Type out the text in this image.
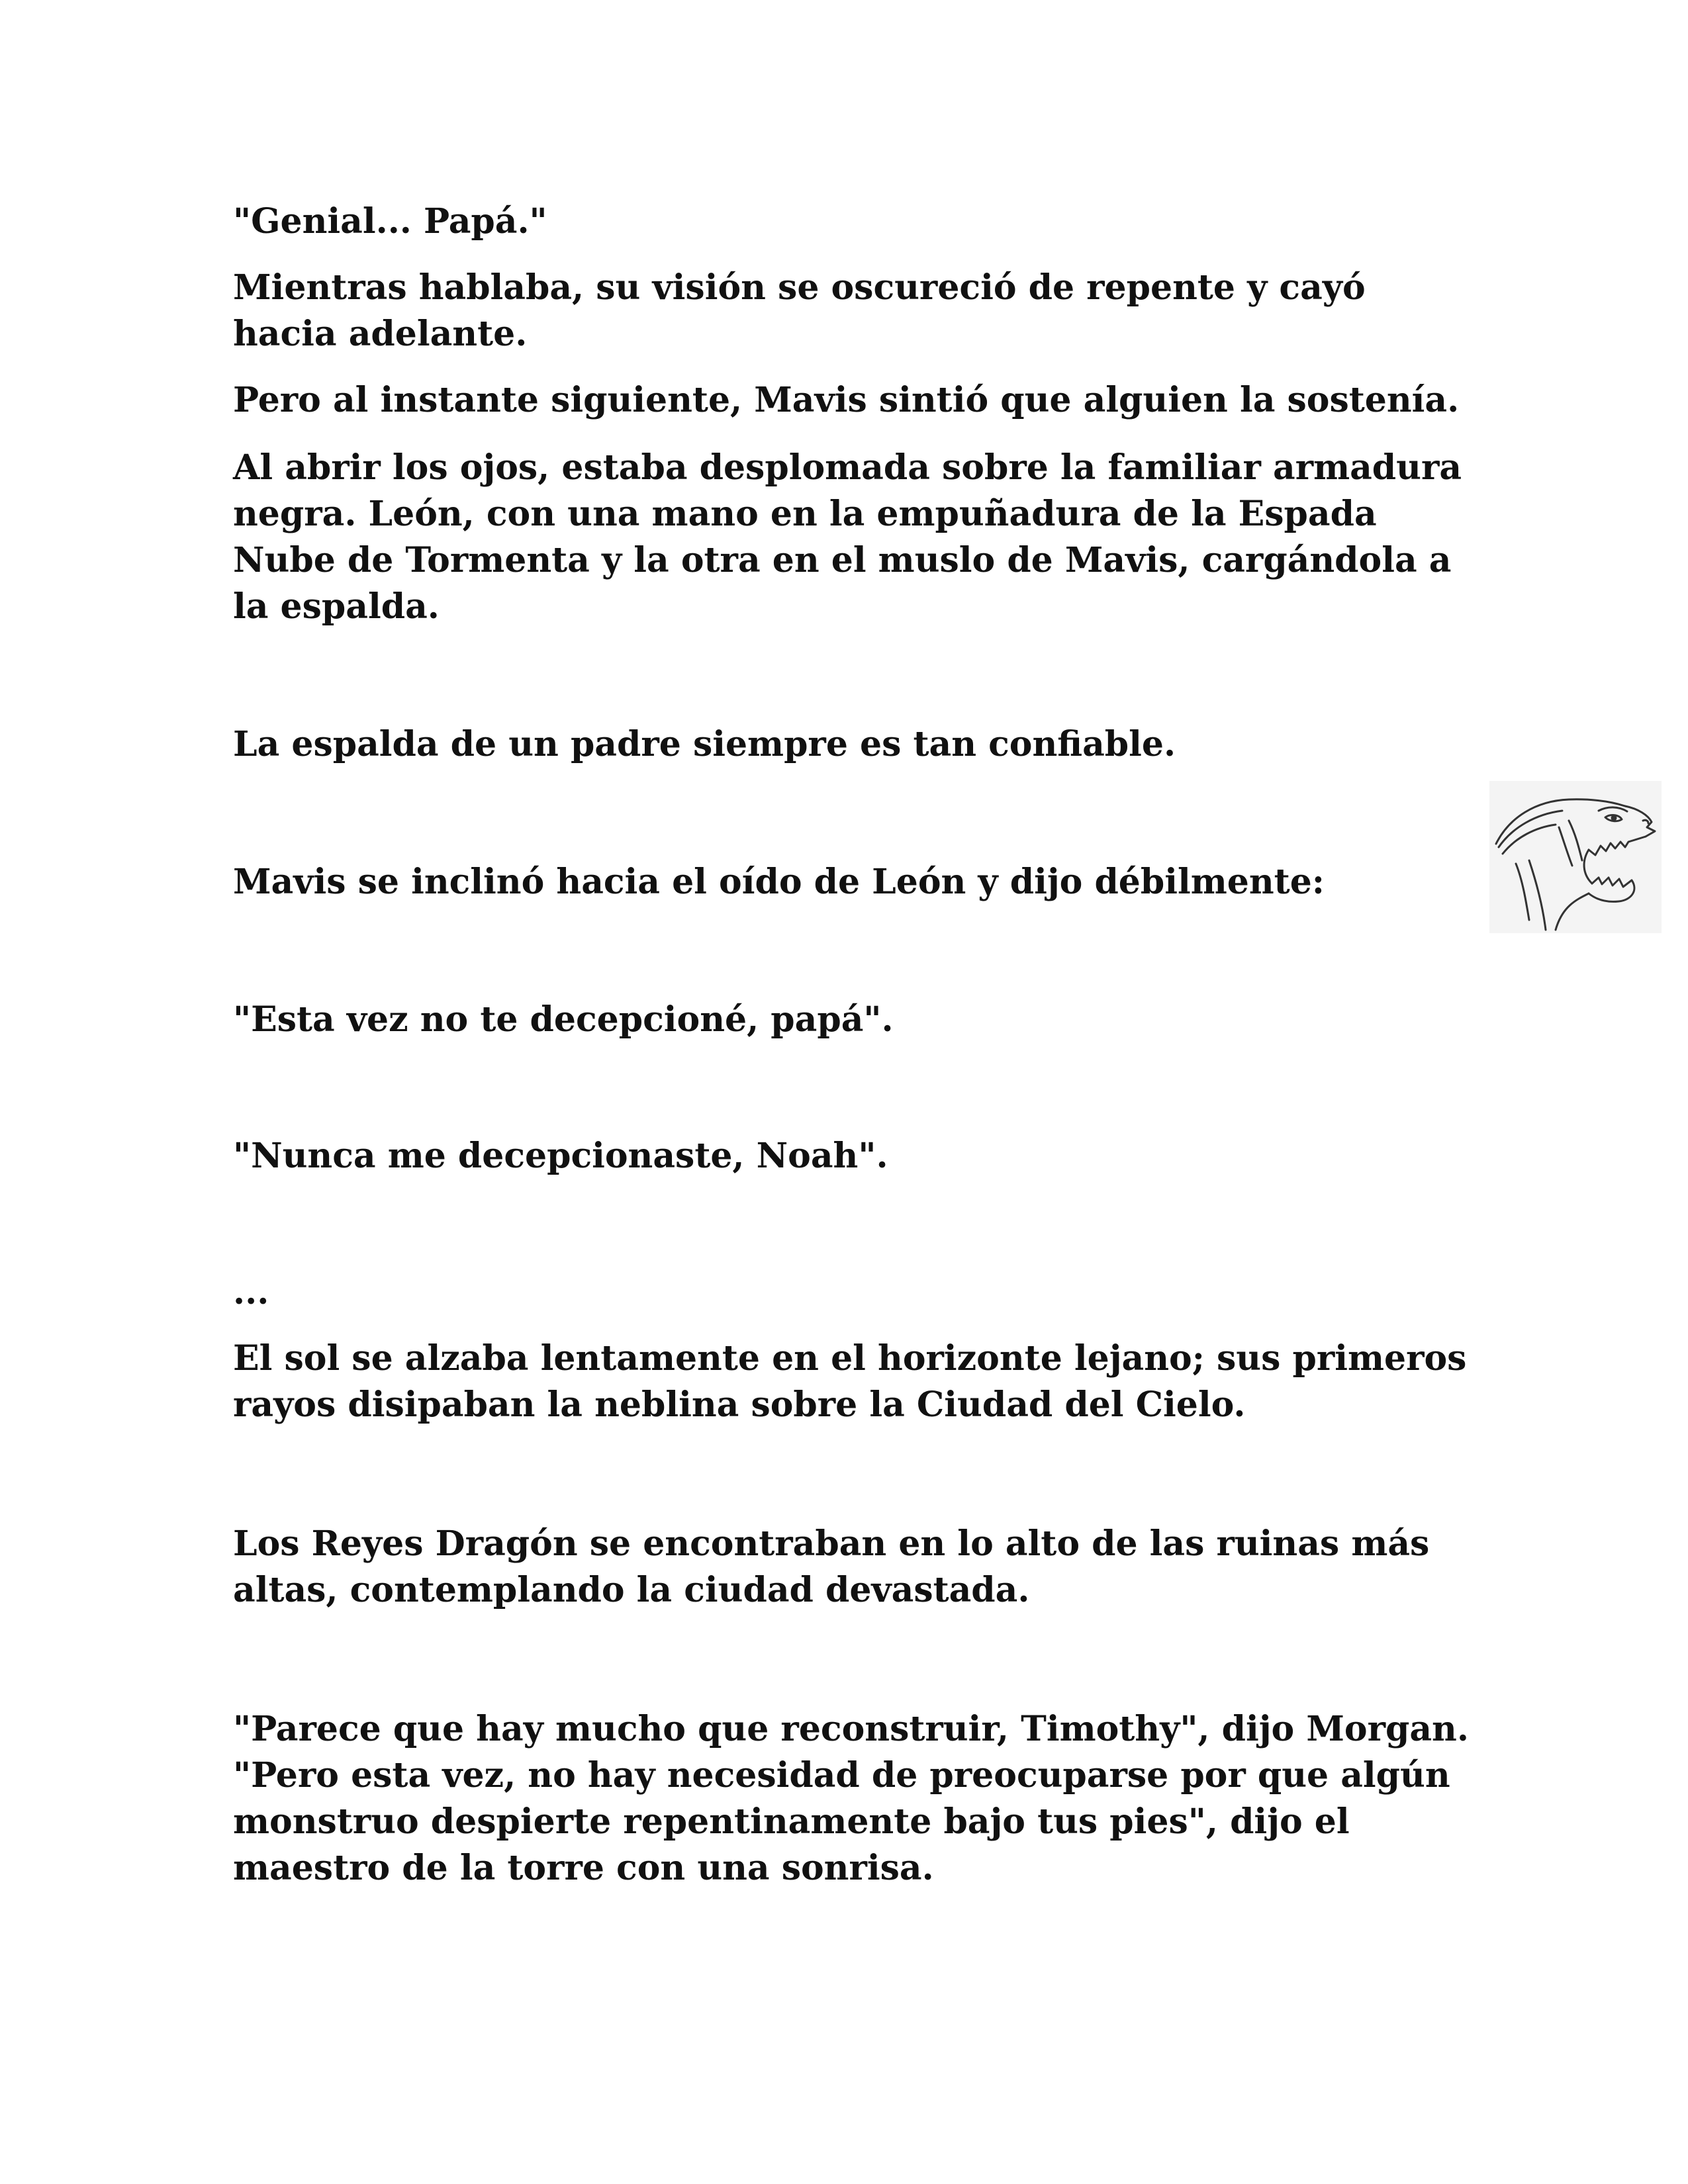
"Genial... Papá."

Mientras hablaba, su visión se oscureció de repente y cayó hacia adelante.

Pero al instante siguiente, Mavis sintió que alguien la sostenía.

Al abrir los ojos, estaba desplomada sobre la familiar armadura negra. León, con una mano en la empuñadura de la Espada Nube de Tormenta y la otra en el muslo de Mavis, cargándola a la espalda.

La espalda de un padre siempre es tan confiable.

Mavis se inclinó hacia el oído de León y dijo débilmente:

"Esta vez no te decepcioné, papá".

"Nunca me decepcionaste, Noah".

...

El sol se alzaba lentamente en el horizonte lejano; sus primeros rayos disipaban la neblina sobre la Ciudad del Cielo.

Los Reyes Dragón se encontraban en lo alto de las ruinas más altas, contemplando la ciudad devastada.

"Parece que hay mucho que reconstruir, Timothy", dijo Morgan. "Pero esta vez, no hay necesidad de preocuparse por que algún monstruo despierte repentinamente bajo tus pies", dijo el maestro de la torre con una sonrisa.
